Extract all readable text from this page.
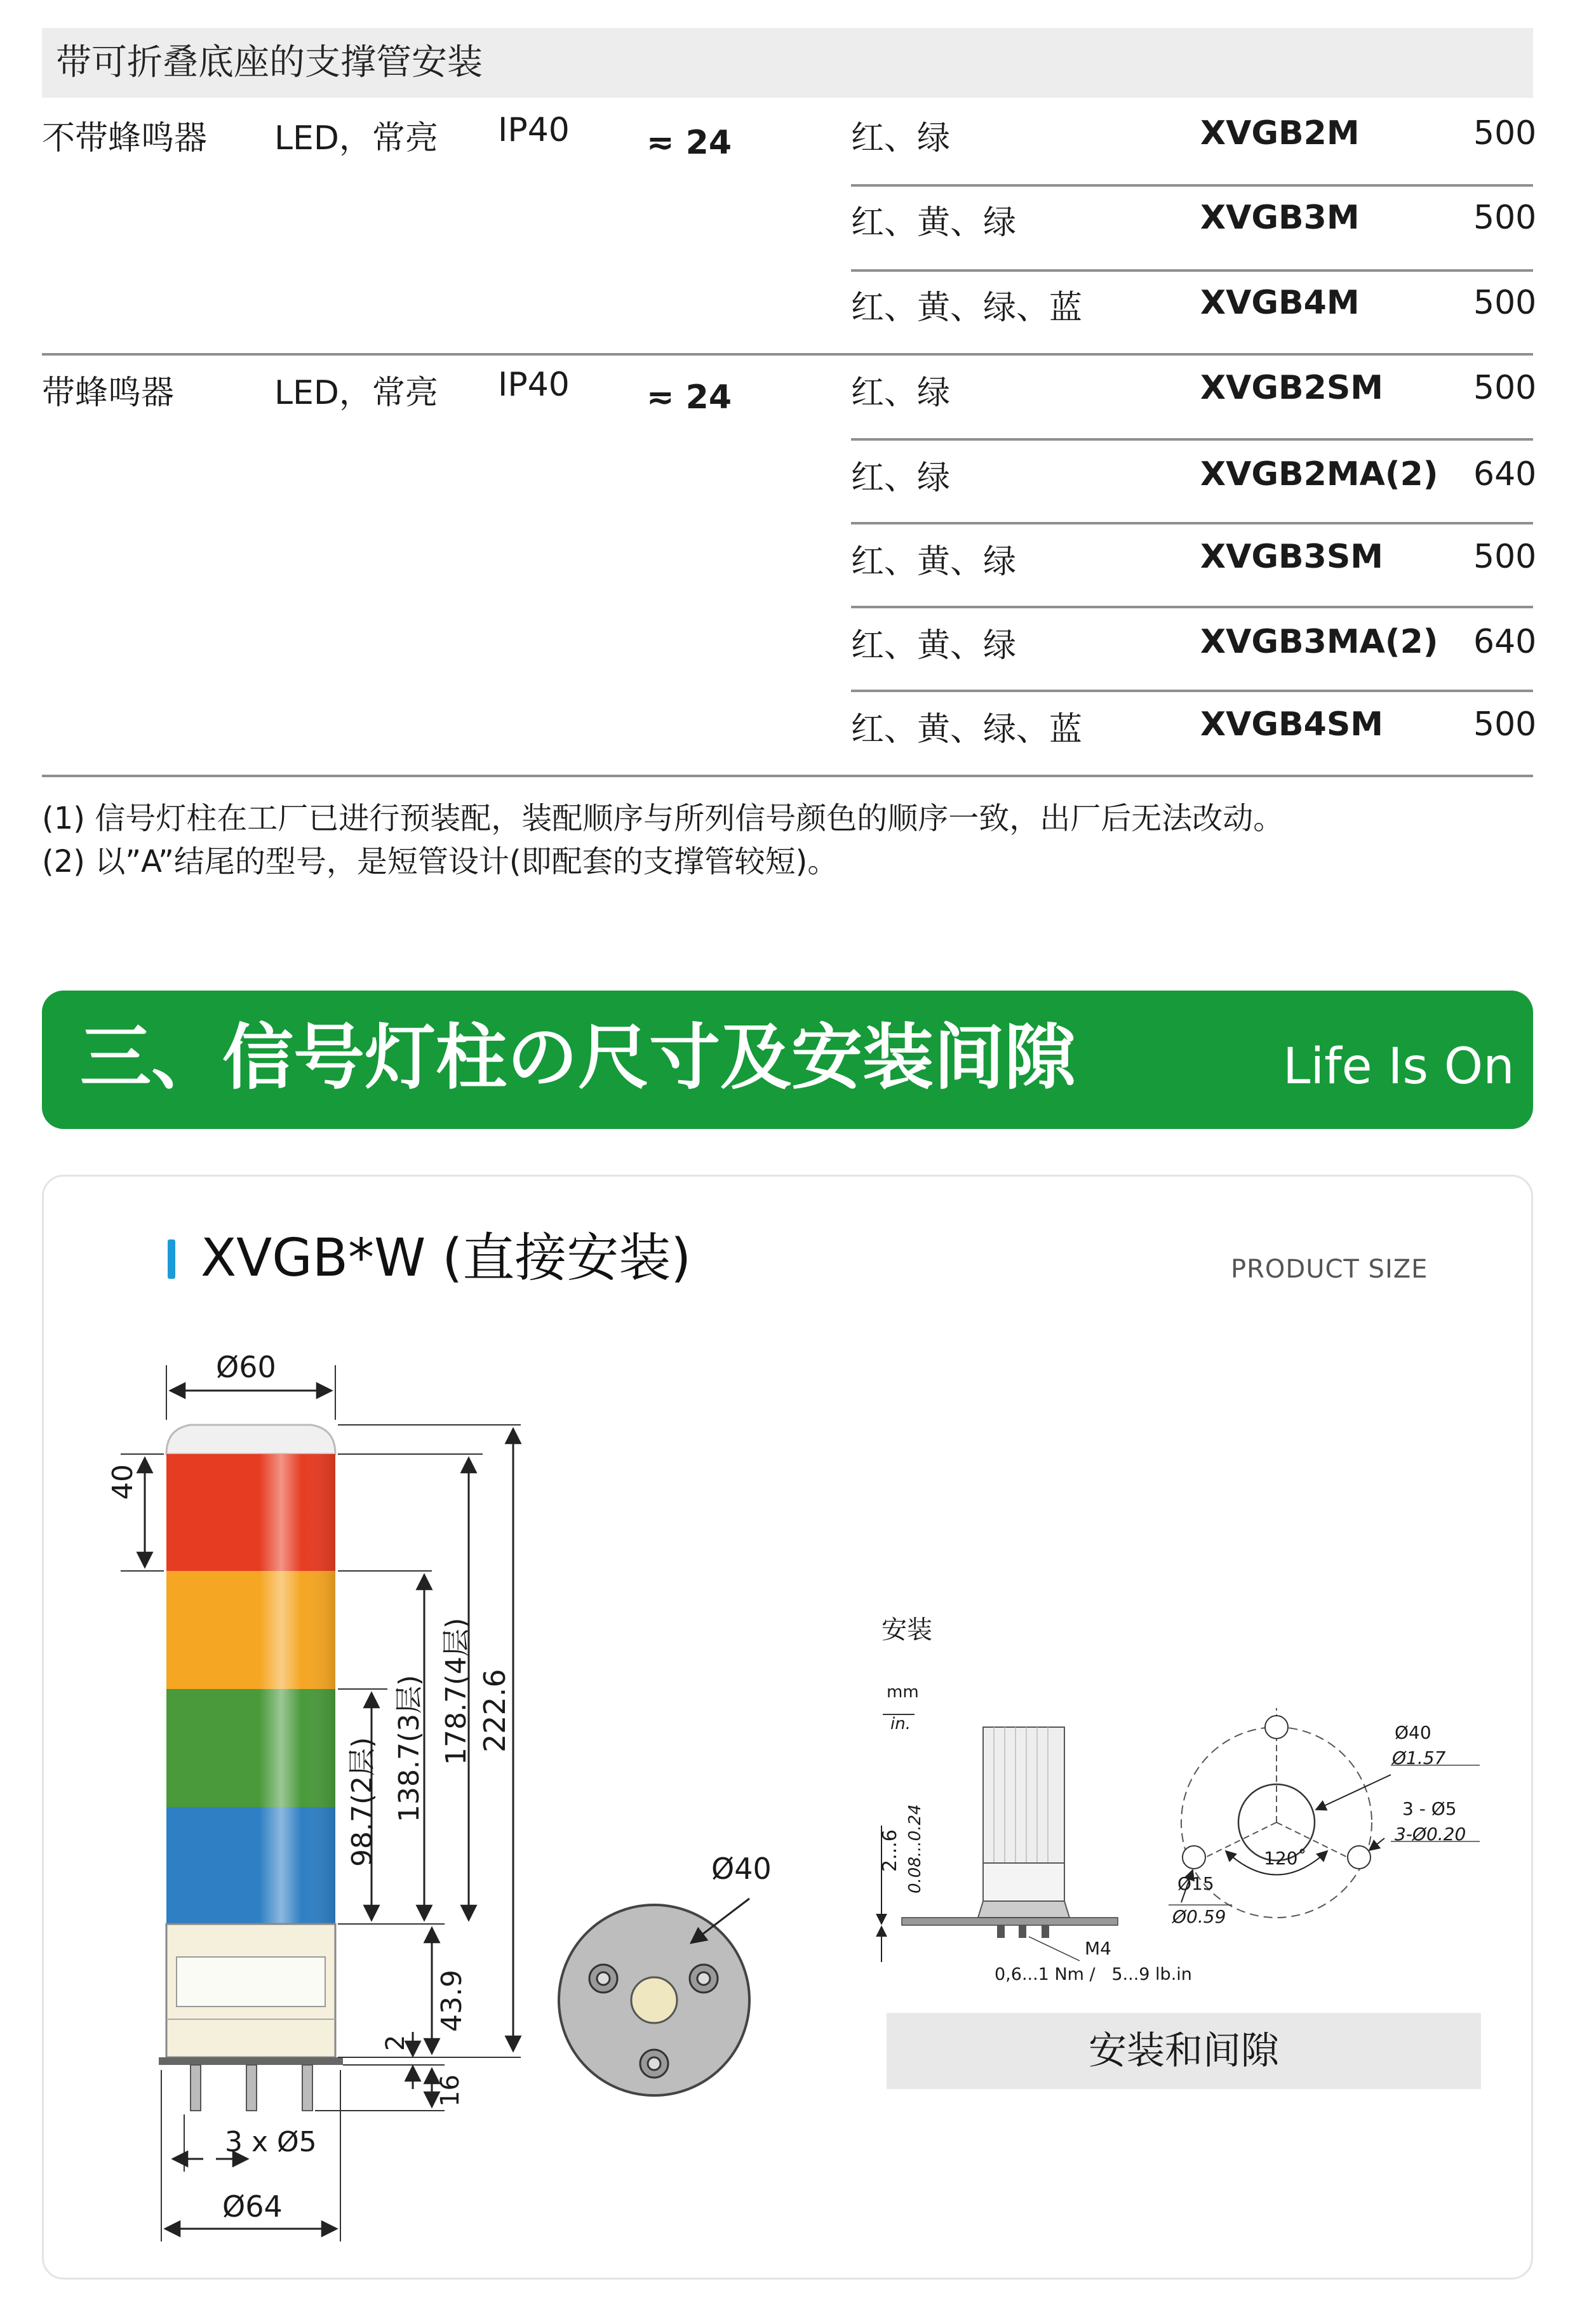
带可折叠底座的支撑管安装
不带蜂鸣器 LED，常亮 IP40 ≂ 24	红、绿	XVGB2M	500
红、黄、绿	XVGB3M	500
红、黄、绿、蓝	XVGB4M	500
带蜂鸣器	LED，常亮 IP40 ≂ 24	红、绿	XVGB2SM	500
红、绿	XVGB2MA(2) 640
红、黄、绿	XVGB3SM	500
红、黄、绿	XVGB3MA(2) 640
红、黄、绿、蓝	XVGB4SM	500
(1) 信号灯柱在工厂已进行预装配，装配顺序与所列信号颜色的顺序一致，出厂后无法改动。
(2) 以”A”结尾的型号，是短管设计(即配套的支撑管较短)。
三、信号灯柱の尺寸及安装间隙	Life Is On
XVGB*W (直接安装)	PRODUCT SIZE
Ø60
40
98.7(2层) 138.7(3层) 178.7(4层) 222.6
43.9
2
16
3 x Ø5
Ø64
Ø40
安装
mm
in.
2...6 0.08...0.24
M4
0,6...1 Nm /   5...9 lb.in
Ø40
Ø1.57
3 - Ø5
3-Ø0.20
120˚
Ø15
Ø0.59
安装和间隙
